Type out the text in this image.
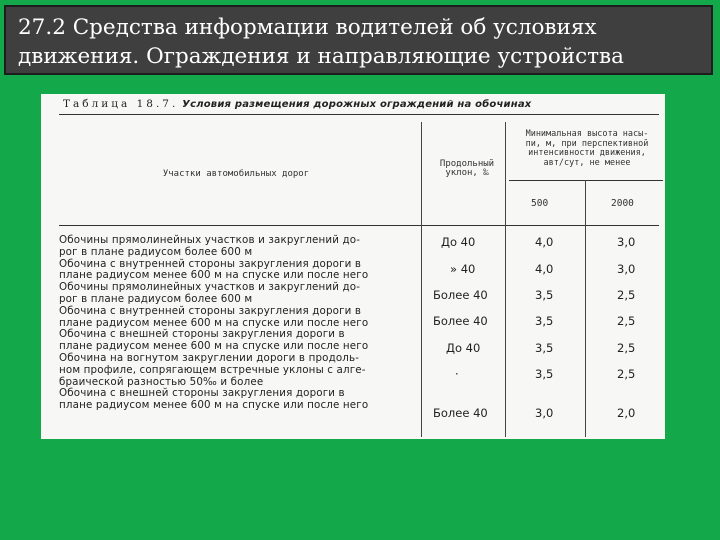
27.2 Средства информации водителей об условиях
движения. Ограждения и направляющие устройства
Таблица 18.7. Условия размещения дорожных ограждений на обочинах
Участки автомобильных дорог
Продольный
уклон, ‰
Минимальная высота насы-
пи, м, при перспективной
интенсивности движения,
авт/сут, не менее
500	2000
Обочины прямолинейных участков и закруглений до-
рог в плане радиусом более 600 м
Обочина с внутренней стороны закругления дороги в
плане радиусом менее 600 м на спуске или после него
Обочины прямолинейных участков и закруглений до-
рог в плане радиусом более 600 м
Обочина с внутренней стороны закругления дороги в
плане радиусом менее 600 м на спуске или после него
Обочина с внешней стороны закругления дороги в
плане радиусом менее 600 м на спуске или после него
Обочина на вогнутом закруглении дороги в продоль-
ном профиле, сопрягающем встречные уклоны с алге-
браической разностью 50‰ и более
Обочина с внешней стороны закругления дороги в
плане радиусом менее 600 м на спуске или после него
До 40
» 40
Более 40
Более 40
До 40
·
Более 40
4,0
4,0
3,5
3,5
3,5
3,5
3,0
3,0
3,0
2,5
2,5
2,5
2,5
2,0
